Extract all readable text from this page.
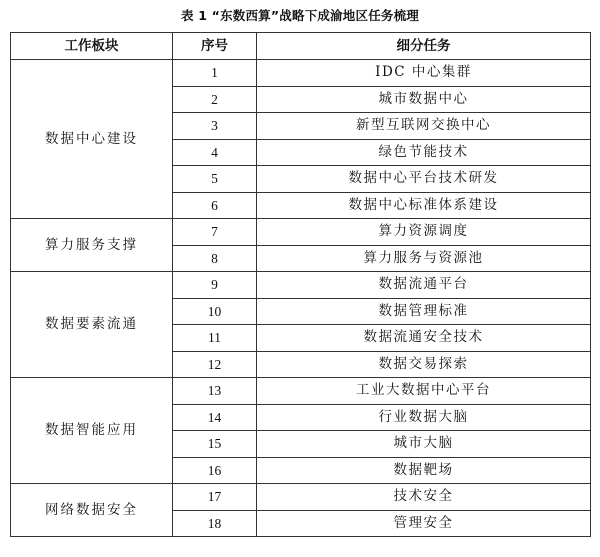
表 1 “东数西算”战略下成渝地区任务梳理
工作板块	序号	细分任务
数据中心建设	1	IDC 中心集群
	2	城市数据中心
	3	新型互联网交换中心
	4	绿色节能技术
	5	数据中心平台技术研发
	6	数据中心标准体系建设
算力服务支撑	7	算力资源调度
	8	算力服务与资源池
数据要素流通	9	数据流通平台
	10	数据管理标准
	11	数据流通安全技术
	12	数据交易探索
数据智能应用	13	工业大数据中心平台
	14	行业数据大脑
	15	城市大脑
	16	数据靶场
网络数据安全	17	技术安全
	18	管理安全
